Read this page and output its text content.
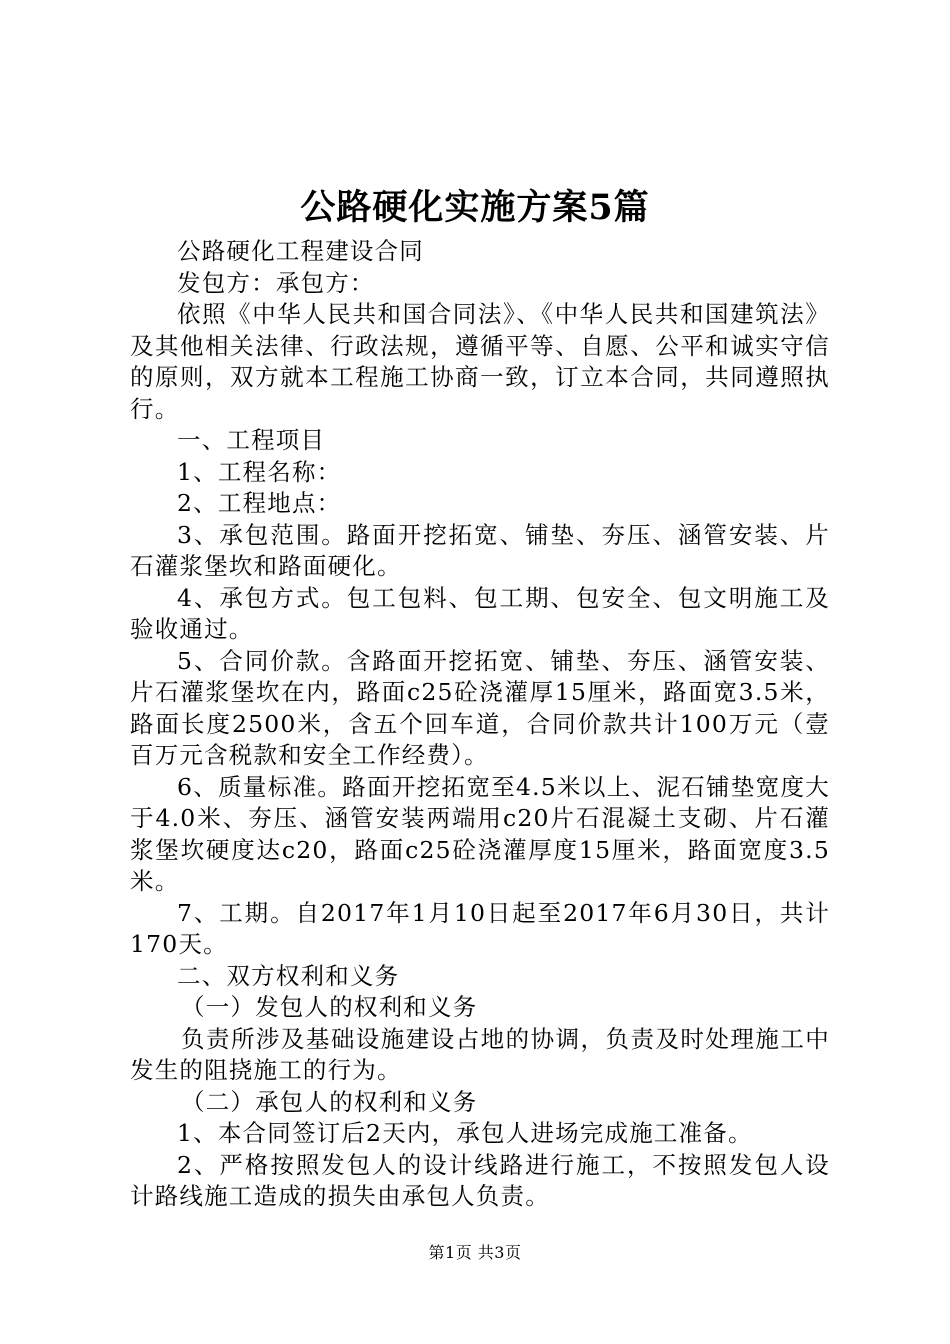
公路硬化实施方案5篇

公路硬化工程建设合同

发包方：承包方：

依照《中华人民共和国合同法》、《中华人民共和国建筑法》及其他相关法律、行政法规，遵循平等、自愿、公平和诚实守信的原则，双方就本工程施工协商一致，订立本合同，共同遵照执行。

一、工程项目

1、工程名称：

2、工程地点：

3、承包范围。路面开挖拓宽、铺垫、夯压、涵管安装、片石灌浆堡坎和路面硬化。

4、承包方式。包工包料、包工期、包安全、包文明施工及验收通过。

5、合同价款。含路面开挖拓宽、铺垫、夯压、涵管安装、片石灌浆堡坎在内，路面c25砼浇灌厚15厘米，路面宽3.5米，路面长度2500米，含五个回车道，合同价款共计100万元（壹百万元含税款和安全工作经费）。

6、质量标准。路面开挖拓宽至4.5米以上、泥石铺垫宽度大于4.0米、夯压、涵管安装两端用c20片石混凝土支砌、片石灌浆堡坎硬度达c20，路面c25砼浇灌厚度15厘米，路面宽度3.5米。

7、工期。自2017年1月10日起至2017年6月30日，共计170天。

二、双方权利和义务

（一）发包人的权利和义务

负责所涉及基础设施建设占地的协调，负责及时处理施工中发生的阻挠施工的行为。

（二）承包人的权利和义务

1、本合同签订后2天内，承包人进场完成施工准备。

2、严格按照发包人的设计线路进行施工，不按照发包人设计路线施工造成的损失由承包人负责。

第1页 共3页
